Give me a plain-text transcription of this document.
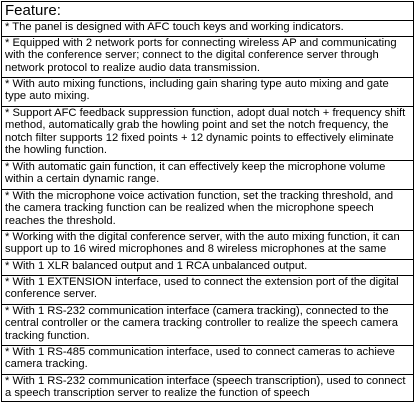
Feature:

* The panel is designed with AFC touch keys and working indicators.

* Equipped with 2 network ports for connecting wireless AP and communicating with the conference server; connect to the digital conference server through network protocol to realize audio data transmission.

* With auto mixing functions, including gain sharing type auto mixing and gate type auto mixing.

* Support AFC feedback suppression function, adopt dual notch + frequency shift method, automatically grab the howling point and set the notch frequency, the notch filter supports 12 fixed points + 12 dynamic points to effectively eliminate the howling function.

* With automatic gain function, it can effectively keep the microphone volume within a certain dynamic range.

* With the microphone voice activation function, set the tracking threshold, and the camera tracking function can be realized when the microphone speech reaches the threshold.

* Working with the digital conference server, with the auto mixing function, it can support up to 16 wired microphones and 8 wireless microphones at the same

* With 1 XLR balanced output and 1 RCA unbalanced output.

* With 1 EXTENSION interface, used to connect the extension port of the digital conference server.

* With 1 RS-232 communication interface (camera tracking), connected to the central controller or the camera tracking controller to realize the speech camera tracking function.

* With 1 RS-485 communication interface, used to connect cameras to achieve camera tracking.

* With 1 RS-232 communication interface (speech transcription), used to connect a speech transcription server to realize the function of speech
